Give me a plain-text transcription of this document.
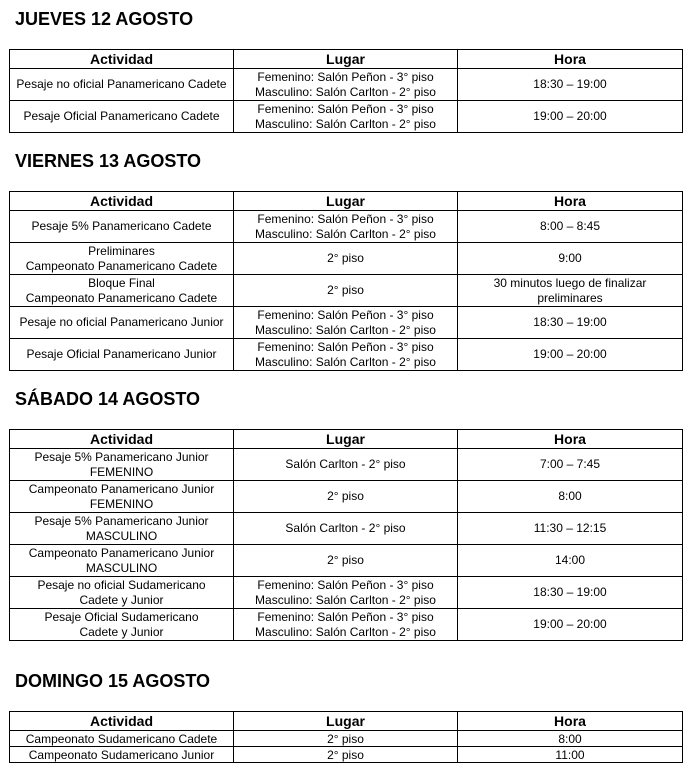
JUEVES 12 AGOSTO
Actividad	Lugar	Hora

Pesaje no oficial Panamericano Cadete	Femenino: Salón Peñon - 3° piso
Masculino: Salón Carlton - 2° piso	18:30 – 19:00

Pesaje Oficial Panamericano Cadete	Femenino: Salón Peñon - 3° piso
Masculino: Salón Carlton - 2° piso	19:00 – 20:00
VIERNES 13 AGOSTO
Actividad	Lugar	Hora

Pesaje 5% Panamericano Cadete	Femenino: Salón Peñon - 3° piso
Masculino: Salón Carlton - 2° piso	8:00 – 8:45

Preliminares
Campeonato Panamericano Cadete	2° piso	9:00

Bloque Final
Campeonato Panamericano Cadete	2° piso	30 minutos luego de finalizar
preliminares

Pesaje no oficial Panamericano Junior	Femenino: Salón Peñon - 3° piso
Masculino: Salón Carlton - 2° piso	18:30 – 19:00

Pesaje Oficial Panamericano Junior	Femenino: Salón Peñon - 3° piso
Masculino: Salón Carlton - 2° piso	19:00 – 20:00
SÁBADO 14 AGOSTO
Actividad	Lugar	Hora

Pesaje 5% Panamericano Junior
FEMENINO	Salón Carlton - 2° piso	7:00 – 7:45

Campeonato Panamericano Junior
FEMENINO	2° piso	8:00

Pesaje 5% Panamericano Junior
MASCULINO	Salón Carlton - 2° piso	11:30 – 12:15

Campeonato Panamericano Junior
MASCULINO	2° piso	14:00

Pesaje no oficial Sudamericano
Cadete y Junior	Femenino: Salón Peñon - 3° piso
Masculino: Salón Carlton - 2° piso	18:30 – 19:00

Pesaje Oficial Sudamericano
Cadete y Junior	Femenino: Salón Peñon - 3° piso
Masculino: Salón Carlton - 2° piso	19:00 – 20:00
DOMINGO 15 AGOSTO
Actividad	Lugar	Hora

Campeonato Sudamericano Cadete	2° piso	8:00

Campeonato Sudamericano Junior	2° piso	11:00
